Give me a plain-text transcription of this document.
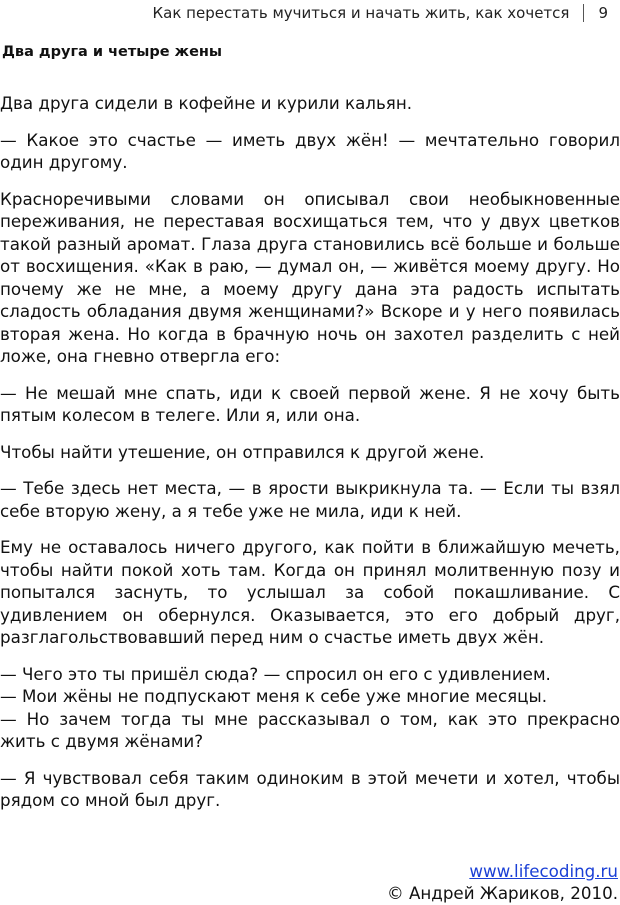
Как перестать мучиться и начать жить, как хочется 9
Два друга и четыре жены

Два друга сидели в кофейне и курили кальян.

— Какое это счастье — иметь двух жён! — мечтательно говорил один другому.

Красноречивыми словами он описывал свои необыкновенные переживания, не переставая восхищаться тем, что у двух цветков такой разный аромат. Глаза друга становились всё больше и больше от восхищения. «Как в раю, — думал он, — живётся моему другу. Но почему же не мне, а моему другу дана эта радость испытать сладость обладания двумя женщинами?» Вскоре и у него появилась вторая жена. Но когда в брачную ночь он захотел разделить с ней ложе, она гневно отвергла его:

— Не мешай мне спать, иди к своей первой жене. Я не хочу быть пятым колесом в телеге. Или я, или она.

Чтобы найти утешение, он отправился к другой жене.

— Тебе здесь нет места, — в ярости выкрикнула та. — Если ты взял себе вторую жену, а я тебе уже не мила, иди к ней.

Ему не оставалось ничего другого, как пойти в ближайшую мечеть, чтобы найти покой хоть там. Когда он принял молитвенную позу и попытался заснуть, то услышал за собой покашливание. С удивлением он обернулся. Оказывается, это его добрый друг, разглагольствовавший перед ним о счастье иметь двух жён.

— Чего это ты пришёл сюда? — спросил он его с удивлением.
— Мои жёны не подпускают меня к себе уже многие месяцы.
— Но зачем тогда ты мне рассказывал о том, как это прекрасно жить с двумя жёнами?

— Я чувствовал себя таким одиноким в этой мечети и хотел, чтобы рядом со мной был друг.

www.lifecoding.ru
© Андрей Жариков, 2010.
